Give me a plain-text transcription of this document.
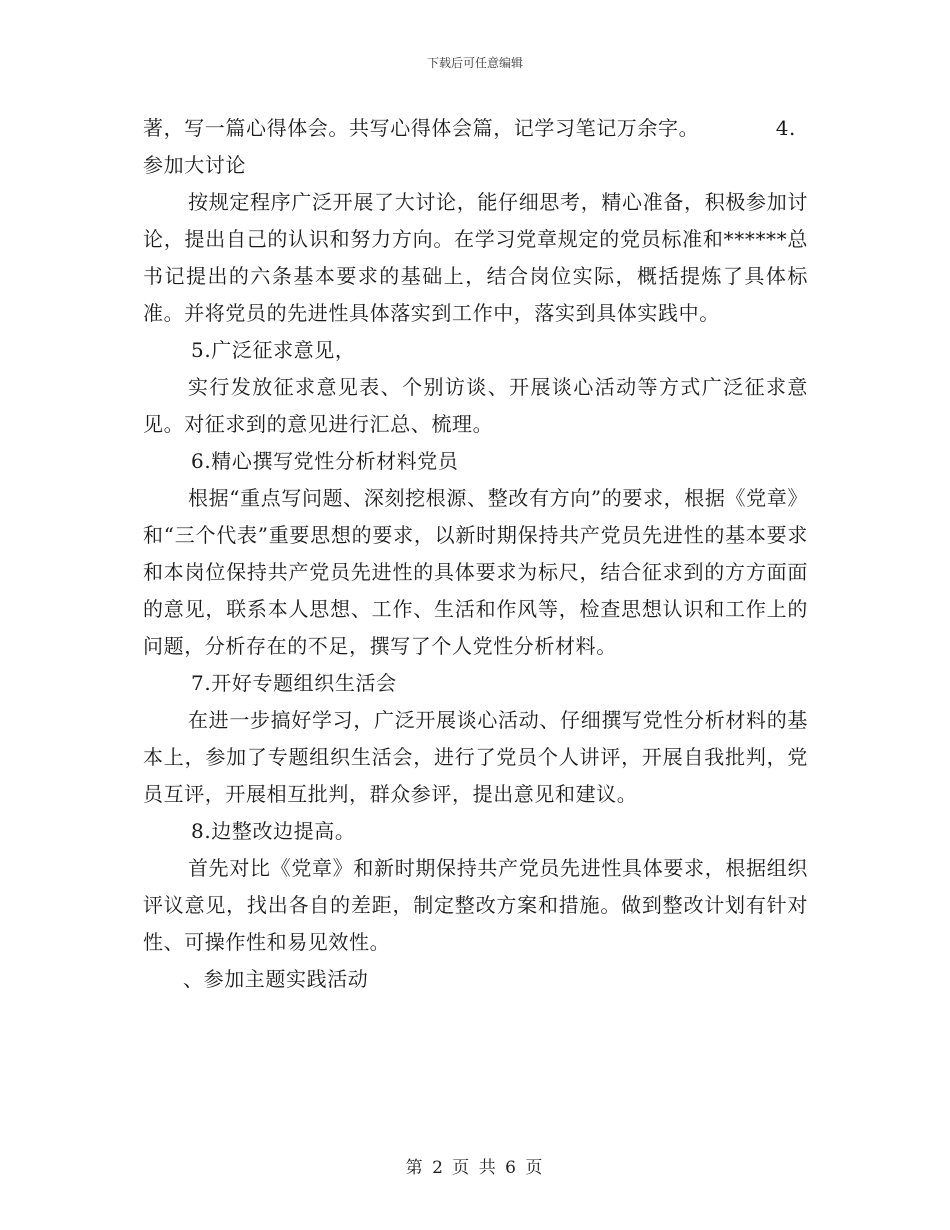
下载后可任意编辑
著，写一篇心得体会。共写心得体会篇，记学习笔记万余字。	4.

参加大讨论

按规定程序广泛开展了大讨论，能仔细思考，精心准备，积极参加讨论，提出自己的认识和努力方向。在学习党章规定的党员标准和******总书记提出的六条基本要求的基础上，结合岗位实际，概括提炼了具体标准。并将党员的先进性具体落实到工作中，落实到具体实践中。

5.广泛征求意见，

实行发放征求意见表、个别访谈、开展谈心活动等方式广泛征求意见。对征求到的意见进行汇总、梳理。

6.精心撰写党性分析材料党员

根据“重点写问题、深刻挖根源、整改有方向”的要求，根据《党章》和“三个代表”重要思想的要求，以新时期保持共产党员先进性的基本要求和本岗位保持共产党员先进性的具体要求为标尺，结合征求到的方方面面的意见，联系本人思想、工作、生活和作风等，检查思想认识和工作上的问题，分析存在的不足，撰写了个人党性分析材料。

7.开好专题组织生活会

在进一步搞好学习，广泛开展谈心活动、仔细撰写党性分析材料的基本上，参加了专题组织生活会，进行了党员个人讲评，开展自我批判，党员互评，开展相互批判，群众参评，提出意见和建议。

8.边整改边提高。

首先对比《党章》和新时期保持共产党员先进性具体要求，根据组织评议意见，找出各自的差距，制定整改方案和措施。做到整改计划有针对性、可操作性和易见效性。

、参加主题实践活动

第 2 页 共 6 页
